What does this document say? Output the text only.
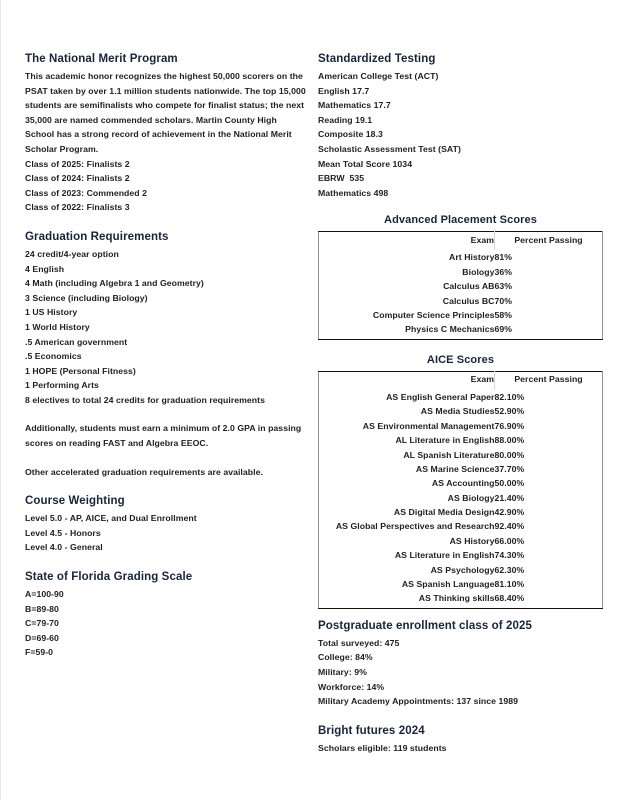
The National Merit Program

This academic honor recognizes the highest 50,000 scorers on the PSAT taken by over 1.1 million students nationwide. The top 15,000 students are semifinalists who compete for finalist status; the next 35,000 are named commended scholars. Martin County High School has a strong record of achievement in the National Merit Scholar Program.

Class of 2025: Finalists 2
Class of 2024: Finalists 2
Class of 2023: Commended 2
Class of 2022: Finalists 3
Graduation Requirements
24 credit/4-year option
4 English
4 Math (including Algebra 1 and Geometry)
3 Science (including Biology)
1 US History
1 World History
.5 American government
.5 Economics
1 HOPE (Personal Fitness)
1 Performing Arts
8 electives to total 24 credits for graduation requirements

Additionally, students must earn a minimum of 2.0 GPA in passing scores on reading FAST and Algebra EEOC.

Other accelerated graduation requirements are available.

Course Weighting
Level 5.0 - AP, AICE, and Dual Enrollment
Level 4.5 - Honors
Level 4.0 - General
State of Florida Grading Scale
A=100-90
B=89-80
C=79-70
D=69-60
F=59-0
Standardized Testing
American College Test (ACT)
English 17.7
Mathematics 17.7
Reading 19.1
Composite 18.3
Scholastic Assessment Test (SAT)
Mean Total Score 1034
EBRW  535
Mathematics 498
Advanced Placement Scores
Exam	Percent Passing
Art History	81%
Biology	36%
Calculus AB	63%
Calculus BC	70%
Computer Science Principles	58%
Physics C Mechanics	69%
AICE Scores
Exam	Percent Passing
AS English General Paper	82.10%
AS Media Studies	52.90%
AS Environmental Management	76.90%
AL Literature in English	88.00%
AL Spanish Literature	80.00%
AS Marine Science	37.70%
AS Accounting	50.00%
AS Biology	21.40%
AS Digital Media Design	42.90%
AS Global Perspectives and Research	92.40%
AS History	66.00%
AS Literature in English	74.30%
AS Psychology	62.30%
AS Spanish Language	81.10%
AS Thinking skills	68.40%
Postgraduate enrollment class of 2025
Total surveyed: 475
College: 84%
Military: 9%
Workforce: 14%
Military Academy Appointments: 137 since 1989
Bright futures 2024
Scholars eligible: 119 students
